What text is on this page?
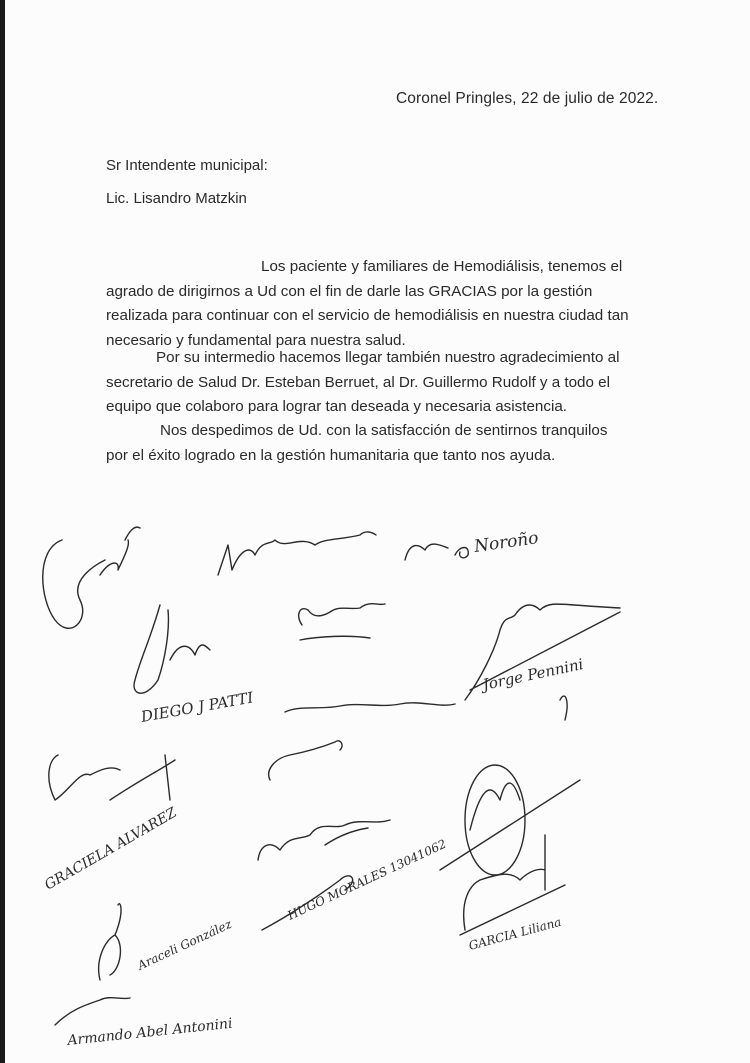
Coronel Pringles, 22 de julio de 2022.
Sr Intendente municipal:
Lic. Lisandro Matzkin
Los paciente y familiares de Hemodiálisis, tenemos el
agrado de dirigirnos a Ud con el fin de darle las GRACIAS por la gestión
realizada para continuar con el servicio de hemodiálisis en nuestra ciudad tan
necesario y fundamental para nuestra salud.
Por su intermedio hacemos llegar también nuestro agradecimiento al
secretario de Salud Dr. Esteban Berruet, al Dr. Guillermo Rudolf y a todo el
equipo que colaboro para lograr tan deseada y necesaria asistencia.
Nos despedimos de Ud. con la satisfacción de sentirnos tranquilos
por el éxito logrado en la gestión humanitaria que tanto nos ayuda.
Noroño
DIEGO J PATTI
Jorge Pennini
GRACIELA ALVAREZ	HUGO MORALES 13041062
GARCIA Liliana
Araceli González
Armando Abel Antonini
